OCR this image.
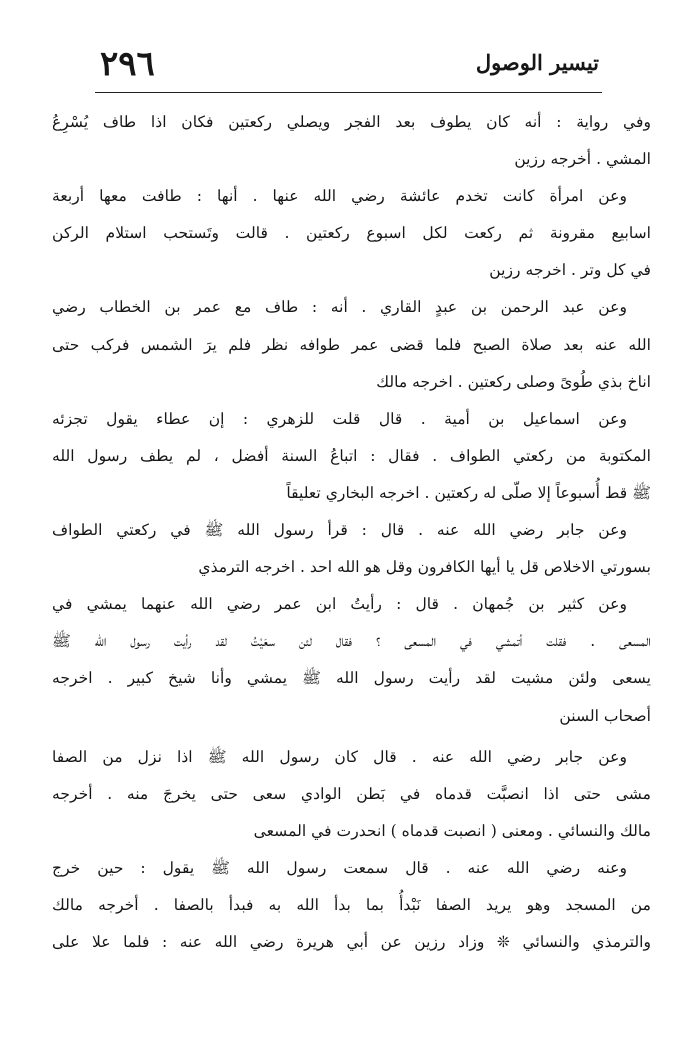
٢٩٦	تيسير الوصول
وفي رواية : أنه كان يطوف بعد الفجر ويصلي ركعتين فكان اذا طاف يُسْرِعُ
المشي . أخرجه رزين
وعن امرأة كانت تخدم عائشة رضي الله عنها . أنها : طافت معها أربعة
اسابيع مقرونة ثم ركعت لكل اسبوع ركعتين . قالت وتَستحب استلام الركن
في كل وتر . اخرجه رزين
وعن عبد الرحمن بن عبدٍ القاري . أنه : طاف مع عمر بن الخطاب رضي
الله عنه بعد صلاة الصبح فلما قضى عمر طوافه نظر فلم يرَ الشمس فركب حتى
اناخ بذي طُوىً وصلى ركعتين . اخرجه مالك
وعن اسماعيل بن أمية . قال قلت للزهري : إن عطاء يقول تجزئه
المكتوبة من ركعتي الطواف . فقال : اتباعُ السنة أفضل ، لم يطف رسول الله
ﷺ قط أُسبوعاً إلا صلّى له ركعتين . اخرجه البخاري تعليقاً
وعن جابر رضي الله عنه . قال : قرأ رسول الله ﷺ في ركعتي الطواف
بسورتي الاخلاص قل يا أيها الكافرون وقل هو الله احد . اخرجه الترمذي
وعن كثير بن جُمهان . قال : رأيتُ ابن عمر رضي الله عنهما يمشي في
المسعى . فقلت أتمشي في المسعى ؟ فقال لئن سعَيْتُ لقد رأيت رسول الله ﷺ
يسعى ولئن مشيت لقد رأيت رسول الله ﷺ يمشي وأنا شيخ كبير . اخرجه
أصحاب السنن
وعن جابر رضي الله عنه . قال كان رسول الله ﷺ اذا نزل من الصفا
مشى حتى اذا انصبَّت قدماه في بَطن الوادي سعى حتى يخرجَ منه . أخرجه
مالك والنسائي . ومعنى ( انصبت قدماه ) انحدرت في المسعى
وعنه رضي الله عنه . قال سمعت رسول الله ﷺ يقول : حين خرج
من المسجد وهو يريد الصفا نَبْدأُ بما بدأ الله به فبدأ بالصفا . أخرجه مالك
والترمذي والنسائي ❊ وزاد رزين عن أبي هريرة رضي الله عنه : فلما علا على
